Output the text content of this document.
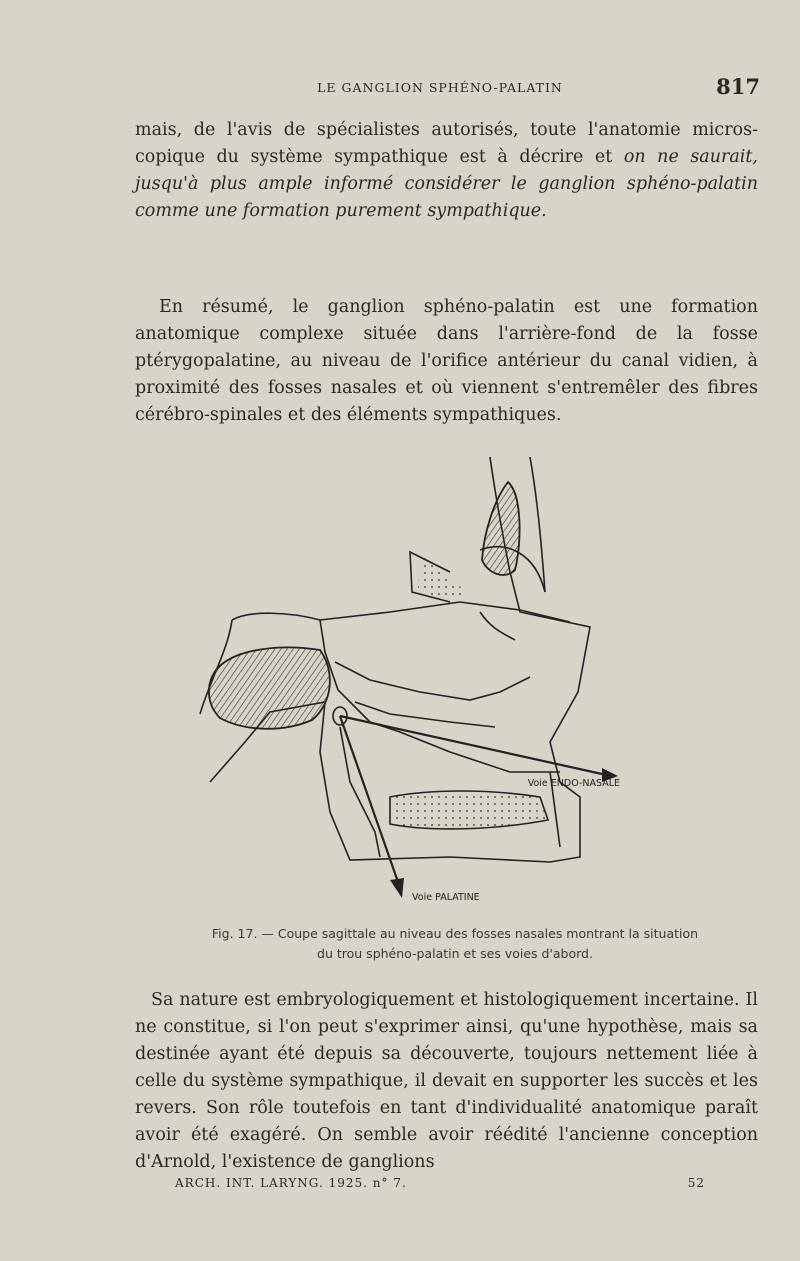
LE GANGLION SPHÉNO-PALATIN	817

mais, de l'avis de spécialistes autorisés, toute l'anatomie micros- copique du système sympathique est à décrire et on ne saurait, jusqu'à plus ample informé considérer le ganglion sphéno-palatin comme une formation purement sympathique.

En résumé, le ganglion sphéno-palatin est une formation anatomique complexe située dans l'arrière-fond de la fosse ptérygopalatine, au niveau de l'orifice antérieur du canal vidien, à proximité des fosses nasales et où viennent s'entremêler des fibres cérébro-spinales et des éléments sympathiques.

Voie ENDO-NASALE
Voie PALATINE
Fig. 17. — Coupe sagittale au niveau des fosses nasales montrant la situation
du trou sphéno-palatin et ses voies d'abord.

Sa nature est embryologiquement et histologiquement incertaine. Il ne constitue, si l'on peut s'exprimer ainsi, qu'une hypothèse, mais sa destinée ayant été depuis sa découverte, toujours nettement liée à celle du système sympathique, il devait en supporter les succès et les revers. Son rôle toutefois en tant d'individualité anatomique paraît avoir été exagéré. On semble avoir réédité l'ancienne conception d'Arnold, l'existence de ganglions

ARCH. INT. LARYNG. 1925. n° 7.	52
